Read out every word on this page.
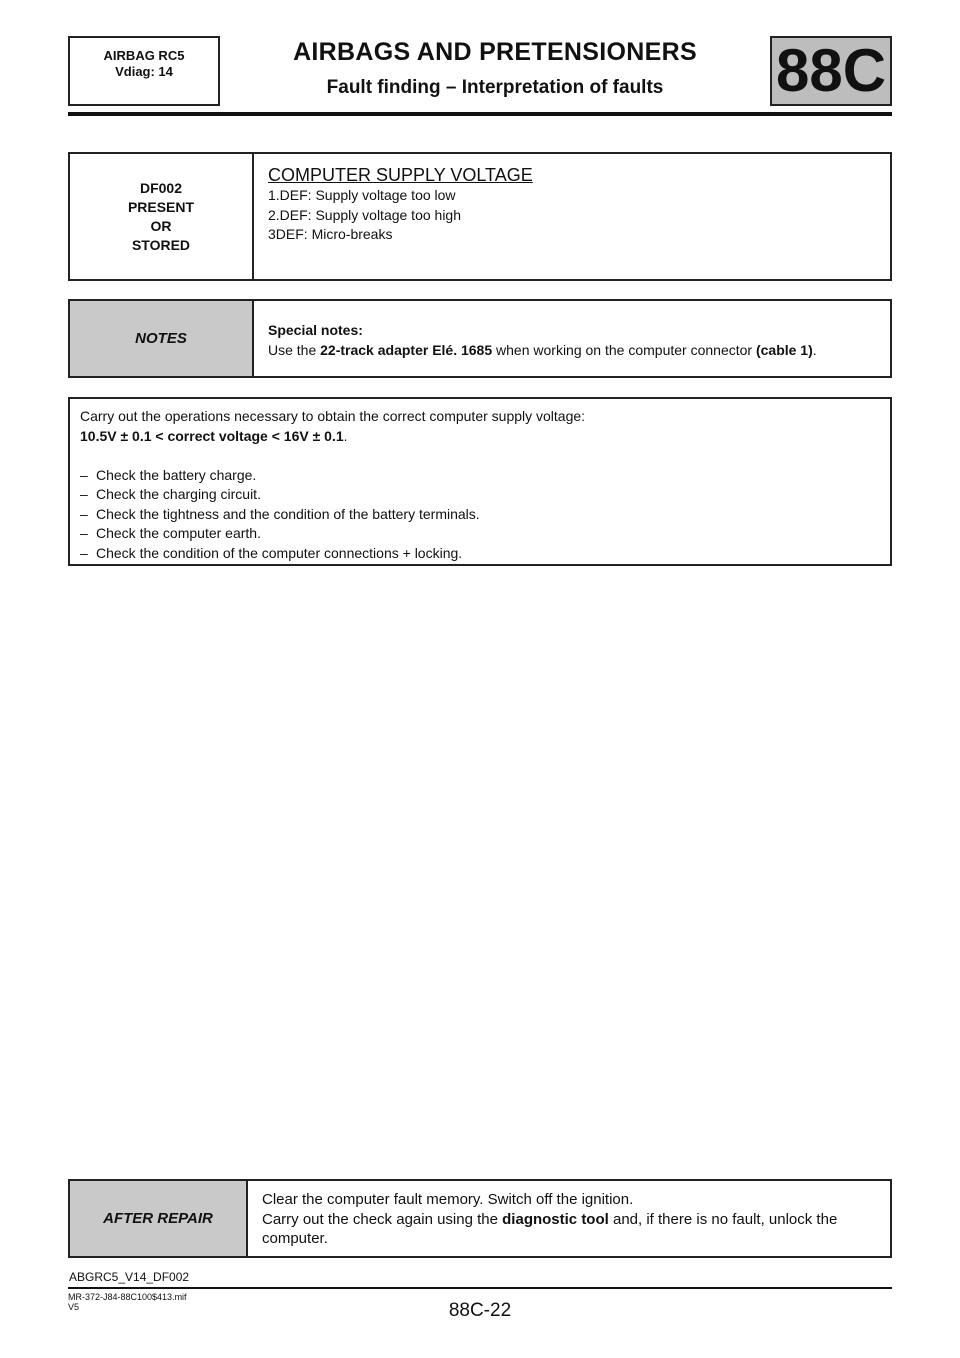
AIRBAG RC5
Vdiag: 14
AIRBAGS AND PRETENSIONERS
Fault finding – Interpretation of faults	88C
DF002
PRESENT
OR
STORED
COMPUTER SUPPLY VOLTAGE
1.DEF: Supply voltage too low
2.DEF: Supply voltage too high
3DEF: Micro-breaks
NOTES	Special notes:
Use the 22-track adapter Elé. 1685 when working on the computer connector (cable 1).
Carry out the operations necessary to obtain the correct computer supply voltage:
10.5V ± 0.1 < correct voltage < 16V ± 0.1.
– Check the battery charge.
– Check the charging circuit.
– Check the tightness and the condition of the battery terminals.
– Check the computer earth.
– Check the condition of the computer connections + locking.
AFTER REPAIR
Clear the computer fault memory. Switch off the ignition.
Carry out the check again using the diagnostic tool and, if there is no fault, unlock the computer.
ABGRC5_V14_DF002
MR-372-J84-88C100$413.mif
V5	88C-22
